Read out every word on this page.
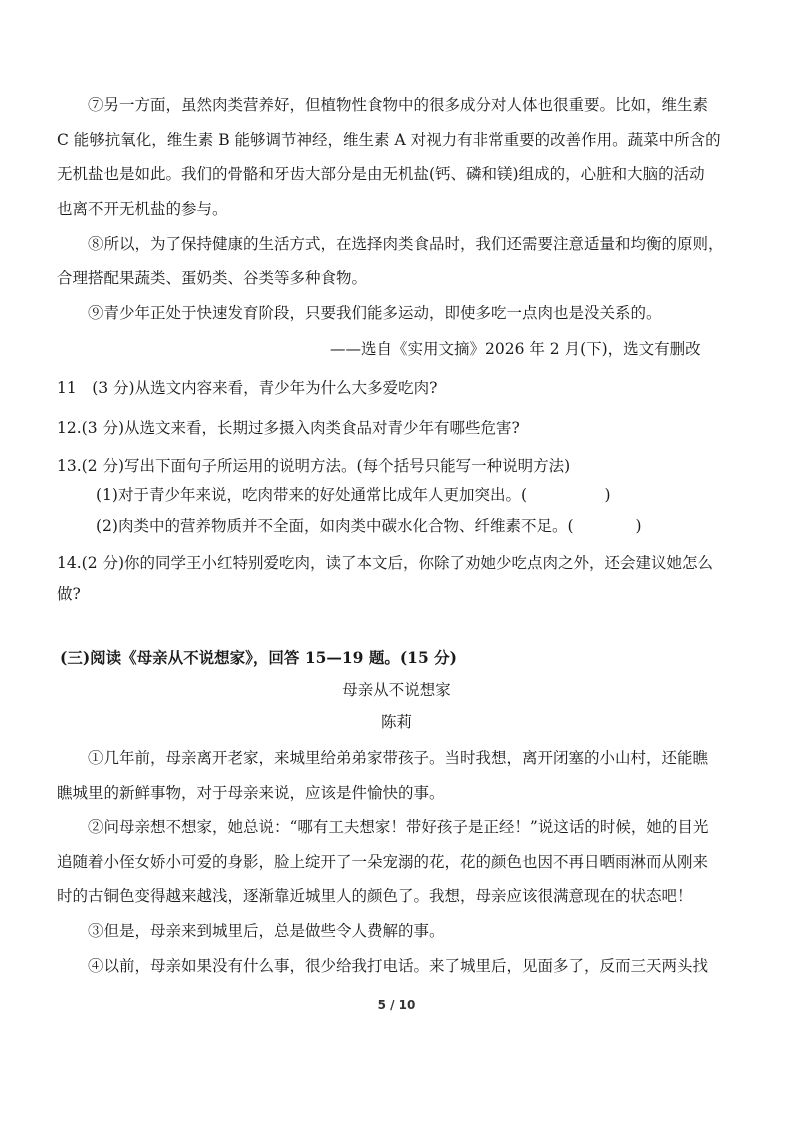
⑦另一方面，虽然肉类营养好，但植物性食物中的很多成分对人体也很重要。比如，维生素
C 能够抗氧化，维生素 B 能够调节神经，维生素 A 对视力有非常重要的改善作用。蔬菜中所含的
无机盐也是如此。我们的骨骼和牙齿大部分是由无机盐(钙、磷和镁)组成的，心脏和大脑的活动
也离不开无机盐的参与。
⑧所以，为了保持健康的生活方式，在选择肉类食品时，我们还需要注意适量和均衡的原则，
合理搭配果蔬类、蛋奶类、谷类等多种食物。
⑨青少年正处于快速发育阶段，只要我们能多运动，即使多吃一点肉也是没关系的。
——选自《实用文摘》2026 年 2 月(下)，选文有删改
11　(3 分)从选文内容来看，青少年为什么大多爱吃肉?
12.(3 分)从选文来看，长期过多摄入肉类食品对青少年有哪些危害?
13.(2 分)写出下面句子所运用的说明方法。(每个括号只能写一种说明方法)
(1)对于青少年来说，吃肉带来的好处通常比成年人更加突出。(　　　　　)
(2)肉类中的营养物质并不全面，如肉类中碳水化合物、纤维素不足。(　　　　)
14.(2 分)你的同学王小红特别爱吃肉，读了本文后，你除了劝她少吃点肉之外，还会建议她怎么
做?
(三)阅读《母亲从不说想家》，回答 15—19 题。(15 分)
母亲从不说想家
陈莉
①几年前，母亲离开老家，来城里给弟弟家带孩子。当时我想，离开闭塞的小山村，还能瞧
瞧城里的新鲜事物，对于母亲来说，应该是件愉快的事。
②问母亲想不想家，她总说：“哪有工夫想家！带好孩子是正经！”说这话的时候，她的目光
追随着小侄女娇小可爱的身影，脸上绽开了一朵宠溺的花，花的颜色也因不再日晒雨淋而从刚来
时的古铜色变得越来越浅，逐渐靠近城里人的颜色了。我想，母亲应该很满意现在的状态吧！
③但是，母亲来到城里后，总是做些令人费解的事。
④以前，母亲如果没有什么事，很少给我打电话。来了城里后，见面多了，反而三天两头找
5 / 10
